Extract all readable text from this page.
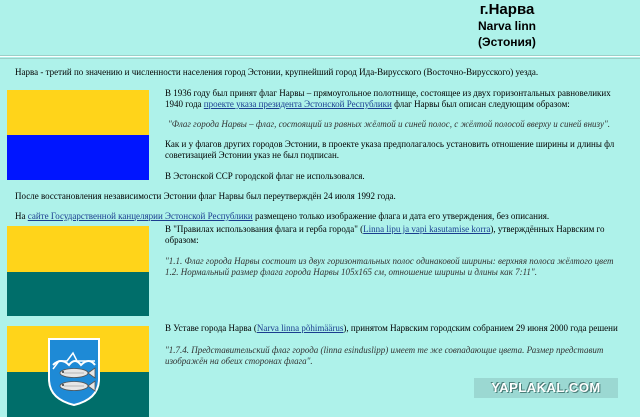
г.Нарва
Narva linn
(Эстония)
Нарва - третий по значению и численности населения город Эстонии, крупнейший город Ида-Вирусского (Восточно-Вирусского) уезда.
В 1936 году был принят флаг Нарвы – прямоугольное полотнище, состоящее из двух горизонтальных равновеликих
1940 года проекте указа президента Эстонской Республики флаг Нарвы был описан следующим образом:
"Флаг города Нарвы – флаг, состоящий из равных жёлтой и синей полос, с жёлтой полосой вверху и синей внизу".
Как и у флагов других городов Эстонии, в проекте указа предполагалось установить отношение ширины и длины фл
советизацией Эстонии указ не был подписан.
В Эстонской ССР городской флаг не использовался.
После восстановления независимости Эстонии флаг Нарвы был переутверждён 24 июля 1992 года.
На сайте Государственной канцелярии Эстонской Республики размещено только изображение флага и дата его утверждения, без описания.
В "Правилах использования флага и герба города" (Linna lipu ja vapi kasutamise korra), утверждённых Нарвским го
образом:
"1.1. Флаг города Нарвы состоит из двух горизонтальных полос одинаковой ширины: верхняя полоса жёлтого цвет
1.2. Нормальный размер флага города Нарвы 105х165 см, отношение ширины и длины как 7:11".
В Уставе города Нарва (Narva linna põhimäärus), принятом Нарвским городским собранием 29 июня 2000 года решени
"1.7.4. Представительский флаг города (linna esinduslipp) имеет те же совпадающие цвета. Размер представит
изображён на обеих сторонах флага".
YAPLAKAL.COM
